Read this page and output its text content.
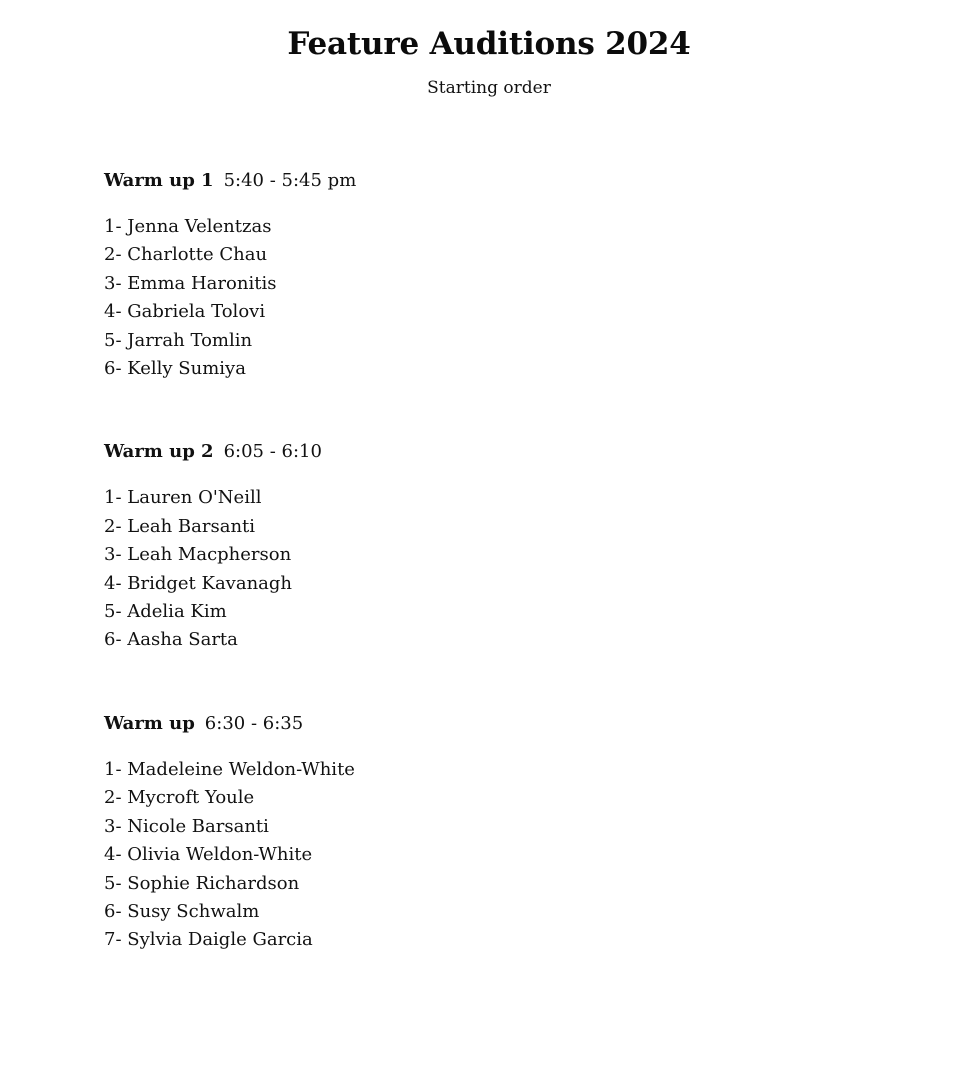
Feature Auditions 2024
Starting order
Warm up 1 5:40 - 5:45 pm
1- Jenna Velentzas
2- Charlotte Chau
3- Emma Haronitis
4- Gabriela Tolovi
5- Jarrah Tomlin
6- Kelly Sumiya
Warm up 2 6:05 - 6:10
1- Lauren O'Neill
2- Leah Barsanti
3- Leah Macpherson
4- Bridget Kavanagh
5- Adelia Kim
6- Aasha Sarta
Warm up 6:30 - 6:35
1- Madeleine Weldon-White
2- Mycroft Youle
3- Nicole Barsanti
4- Olivia Weldon-White
5- Sophie Richardson
6- Susy Schwalm
7- Sylvia Daigle Garcia
